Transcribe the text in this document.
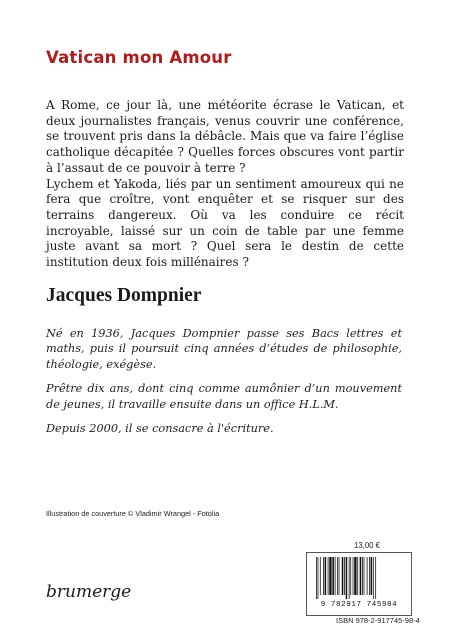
Vatican mon Amour

A Rome, ce jour là, une météorite écrase le Vatican, et deux journalistes français, venus couvrir une conférence, se trouvent pris dans la débâcle. Mais que va faire l’église catholique décapitée ? Quelles forces obscures vont partir à l’assaut de ce pouvoir à terre ?

Lychem et Yakoda, liés par un sentiment amoureux qui ne fera que croître, vont enquêter et se risquer sur des terrains dangereux. Où va les conduire ce récit incroyable, laissé sur un coin de table par une femme juste avant sa mort ? Quel sera le destin de cette institution deux fois millénaires ?

Jacques Dompnier

Né en 1936, Jacques Dompnier passe ses Bacs lettres et maths, puis il poursuit cinq années d’études de philosophie, théologie, exégèse.

Prêtre dix ans, dont cinq comme aumônier d’un mouvement de jeunes, il travaille ensuite dans un office H.L.M.

Depuis 2000, il se consacre à l'écriture.

Illustration de couverture © Vladimir Wrangel - Fotolia
brumerge
13,00 €
9 782917 745984
ISBN 978-2-917745-98-4
